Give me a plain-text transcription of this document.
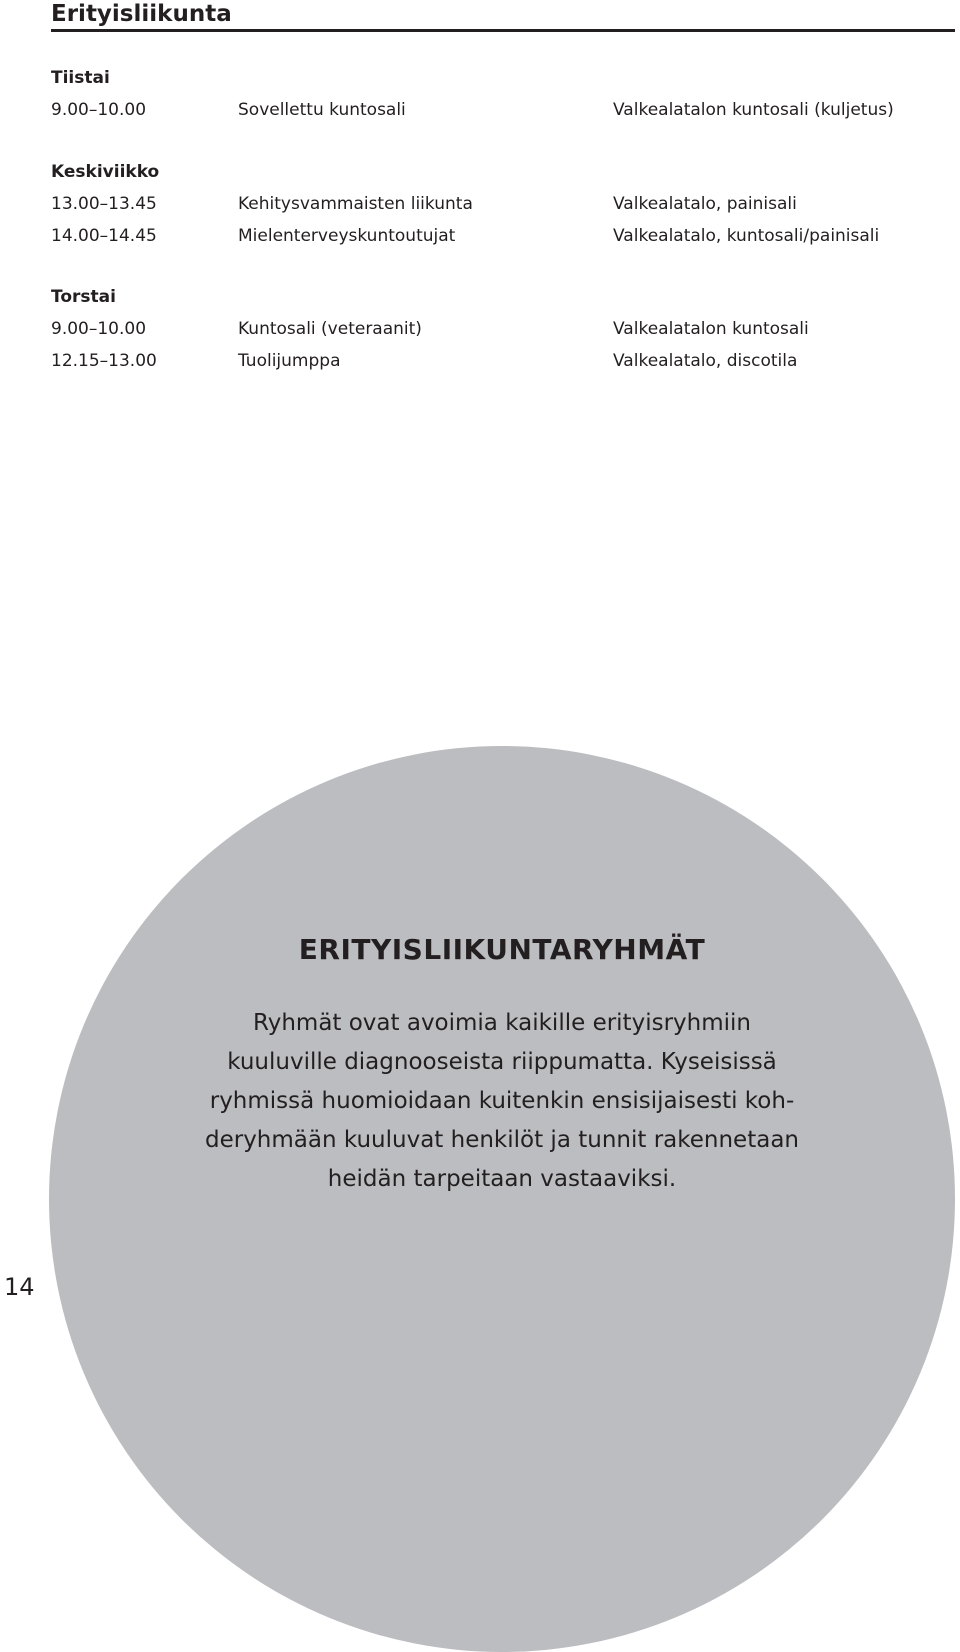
Erityisliikunta
Tiistai
9.00–10.00	Sovellettu kuntosali	Valkealatalon kuntosali (kuljetus)
Keskiviikko
13.00–13.45	Kehitysvammaisten liikunta	Valkealatalo, painisali
14.00–14.45	Mielenterveyskuntoutujat	Valkealatalo, kuntosali/painisali
Torstai
9.00–10.00	Kuntosali (veteraanit)	Valkealatalon kuntosali
12.15–13.00	Tuolijumppa	Valkealatalo, discotila
ERITYISLIIKUNTARYHMÄT
Ryhmät ovat avoimia kaikille erityisryhmiin
kuuluville diagnooseista riippumatta. Kyseisissä
ryhmissä huomioidaan kuitenkin ensisijaisesti koh-
deryhmään kuuluvat henkilöt ja tunnit rakennetaan
heidän tarpeitaan vastaaviksi.
14
